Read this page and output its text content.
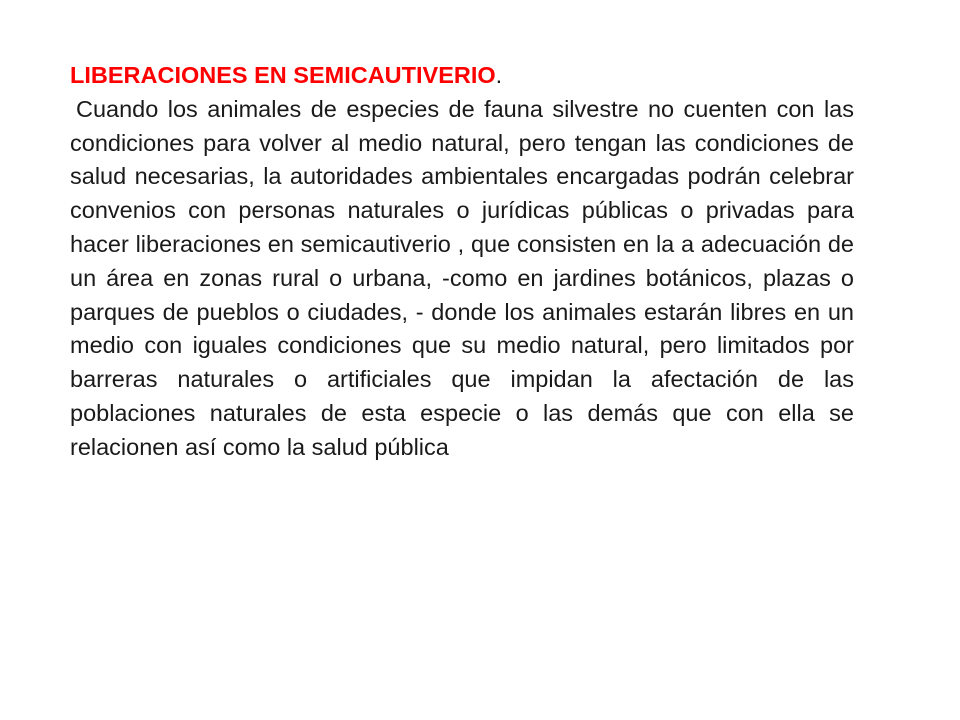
LIBERACIONES EN SEMICAUTIVERIO.

Cuando los animales de especies de fauna silvestre no cuenten con las condiciones para volver al medio natural, pero tengan las condiciones de salud necesarias, la autoridades ambientales encargadas podrán celebrar convenios con personas naturales o jurídicas públicas o privadas para hacer liberaciones en semicautiverio , que consisten en la a adecuación de un área en zonas rural o urbana, -como en jardines botánicos, plazas o parques de pueblos o ciudades, - donde los animales estarán libres en un medio con iguales condiciones que su medio natural, pero limitados por barreras naturales o artificiales que impidan la afectación de las poblaciones naturales de esta especie o las demás que con ella se relacionen así como la salud pública
